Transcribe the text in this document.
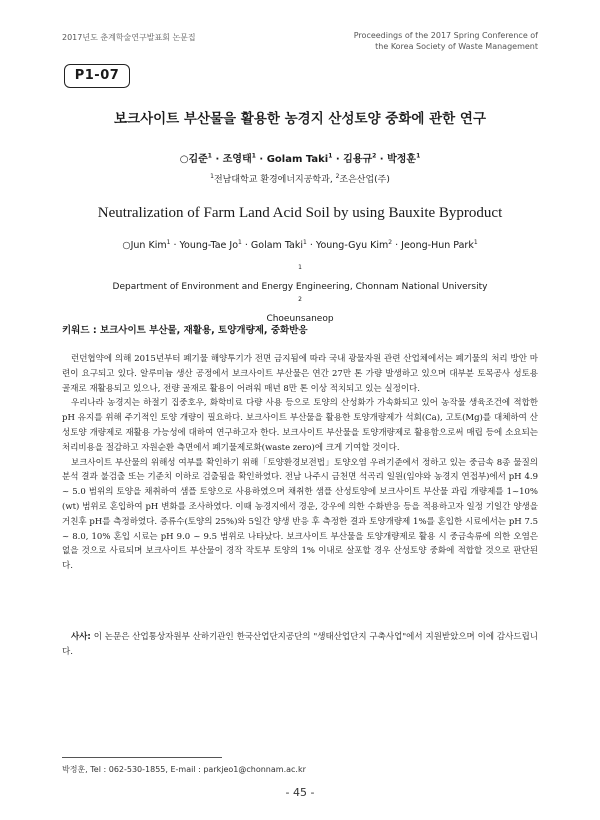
2017년도 춘계학술연구발표회 논문집	Proceedings of the 2017 Spring Conference of
the Korea Society of Waste Management
P1-07
보크사이트 부산물을 활용한 농경지 산성토양 중화에 관한 연구
○김준$^1$ · 조영태$^1$ · Golam Taki$^1$ · 김용규$^2$ · 박정훈$^1$
$^1$전남대학교 환경에너지공학과, $^2$조은산업(주)
Neutralization of Farm Land Acid Soil by using Bauxite Byproduct
○Jun Kim$^1$ · Young-Tae $Jo^1$ · Golam Taki$^1$ · Young-Gyu Kim$^2$ · Jeong-Hun Park$^1$
$^1$
Department of Environment and Energy Engineering, Chonnam National University
$^2$
Choeunsaneop
키워드 : 보크사이트 부산물, 재활용, 토양개량제, 중화반응

런던협약에 의해 2015년부터 폐기물 해양투기가 전면 금지됨에 따라 국내 광물자원 관련 산업체에서는 폐기물의 처리 방안 마련이 요구되고 있다. 알루미늄 생산 공정에서 보크사이트 부산물은 연간 27만 톤 가량 발생하고 있으며 대부분 토목공사 성토용 골재로 재활용되고 있으나, 전량 골재로 활용이 어려워 매년 8만 톤 이상 적치되고 있는 실정이다.

우리나라 농경지는 하절기 집중호우, 화학비료 다량 사용 등으로 토양의 산성화가 가속화되고 있어 농작물 생육조건에 적합한 pH 유지를 위해 주기적인 토양 개량이 필요하다. 보크사이트 부산물을 활용한 토양개량제가 석회(Ca), 고토(Mg)를 대체하여 산성토양 개량제로 재활용 가능성에 대하여 연구하고자 한다. 보크사이트 부산물을 토양개량제로 활용함으로써 매립 등에 소요되는 처리비용을 절감하고 자원순환 측면에서 폐기물제로화(waste zero)에 크게 기여할 것이다.

보크사이트 부산물의 위해성 여부를 확인하기 위해「토양환경보전법」토양오염 우려기준에서 정하고 있는 중금속 8종 물질의 분석 결과 불검출 또는 기준치 이하로 검출됨을 확인하였다. 전남 나주시 금천면 석곡리 일원(임야와 농경지 연접부)에서 pH 4.9 ~ 5.0 범위의 토양을 채취하여 샘플 토양으로 사용하였으며 채취한 샘플 산성토양에 보크사이트 부산물 과립 개량제를 1~10%(wt) 범위로 혼입하여 pH 변화를 조사하였다. 이때 농경지에서 경운, 강우에 의한 수화반응 등을 적용하고자 일정 기일간 양생을 거친후 pH를 측정하였다. 증류수(토양의 25%)와 5일간 양생 반응 후 측정한 결과 토양개량제 1%를 혼입한 시료에서는 pH 7.5 ~ 8.0, 10% 혼입 시료는 pH 9.0 ~ 9.5 범위로 나타났다. 보크사이트 부산물을 토양개량제로 활용 시 중금속류에 의한 오염은 없을 것으로 사료되며 보크사이트 부산물이 경작 작토부 토양의 1% 이내로 살포할 경우 산성토양 중화에 적합할 것으로 판단된다.

사사: 이 논문은 산업통상자원부 산하기관인 한국산업단지공단의 "생태산업단지 구축사업"에서 지원받았으며 이에 감사드립니다.
박정훈, Tel : 062-530-1855, E-mail : parkjeo1@chonnam.ac.kr
- 45 -
